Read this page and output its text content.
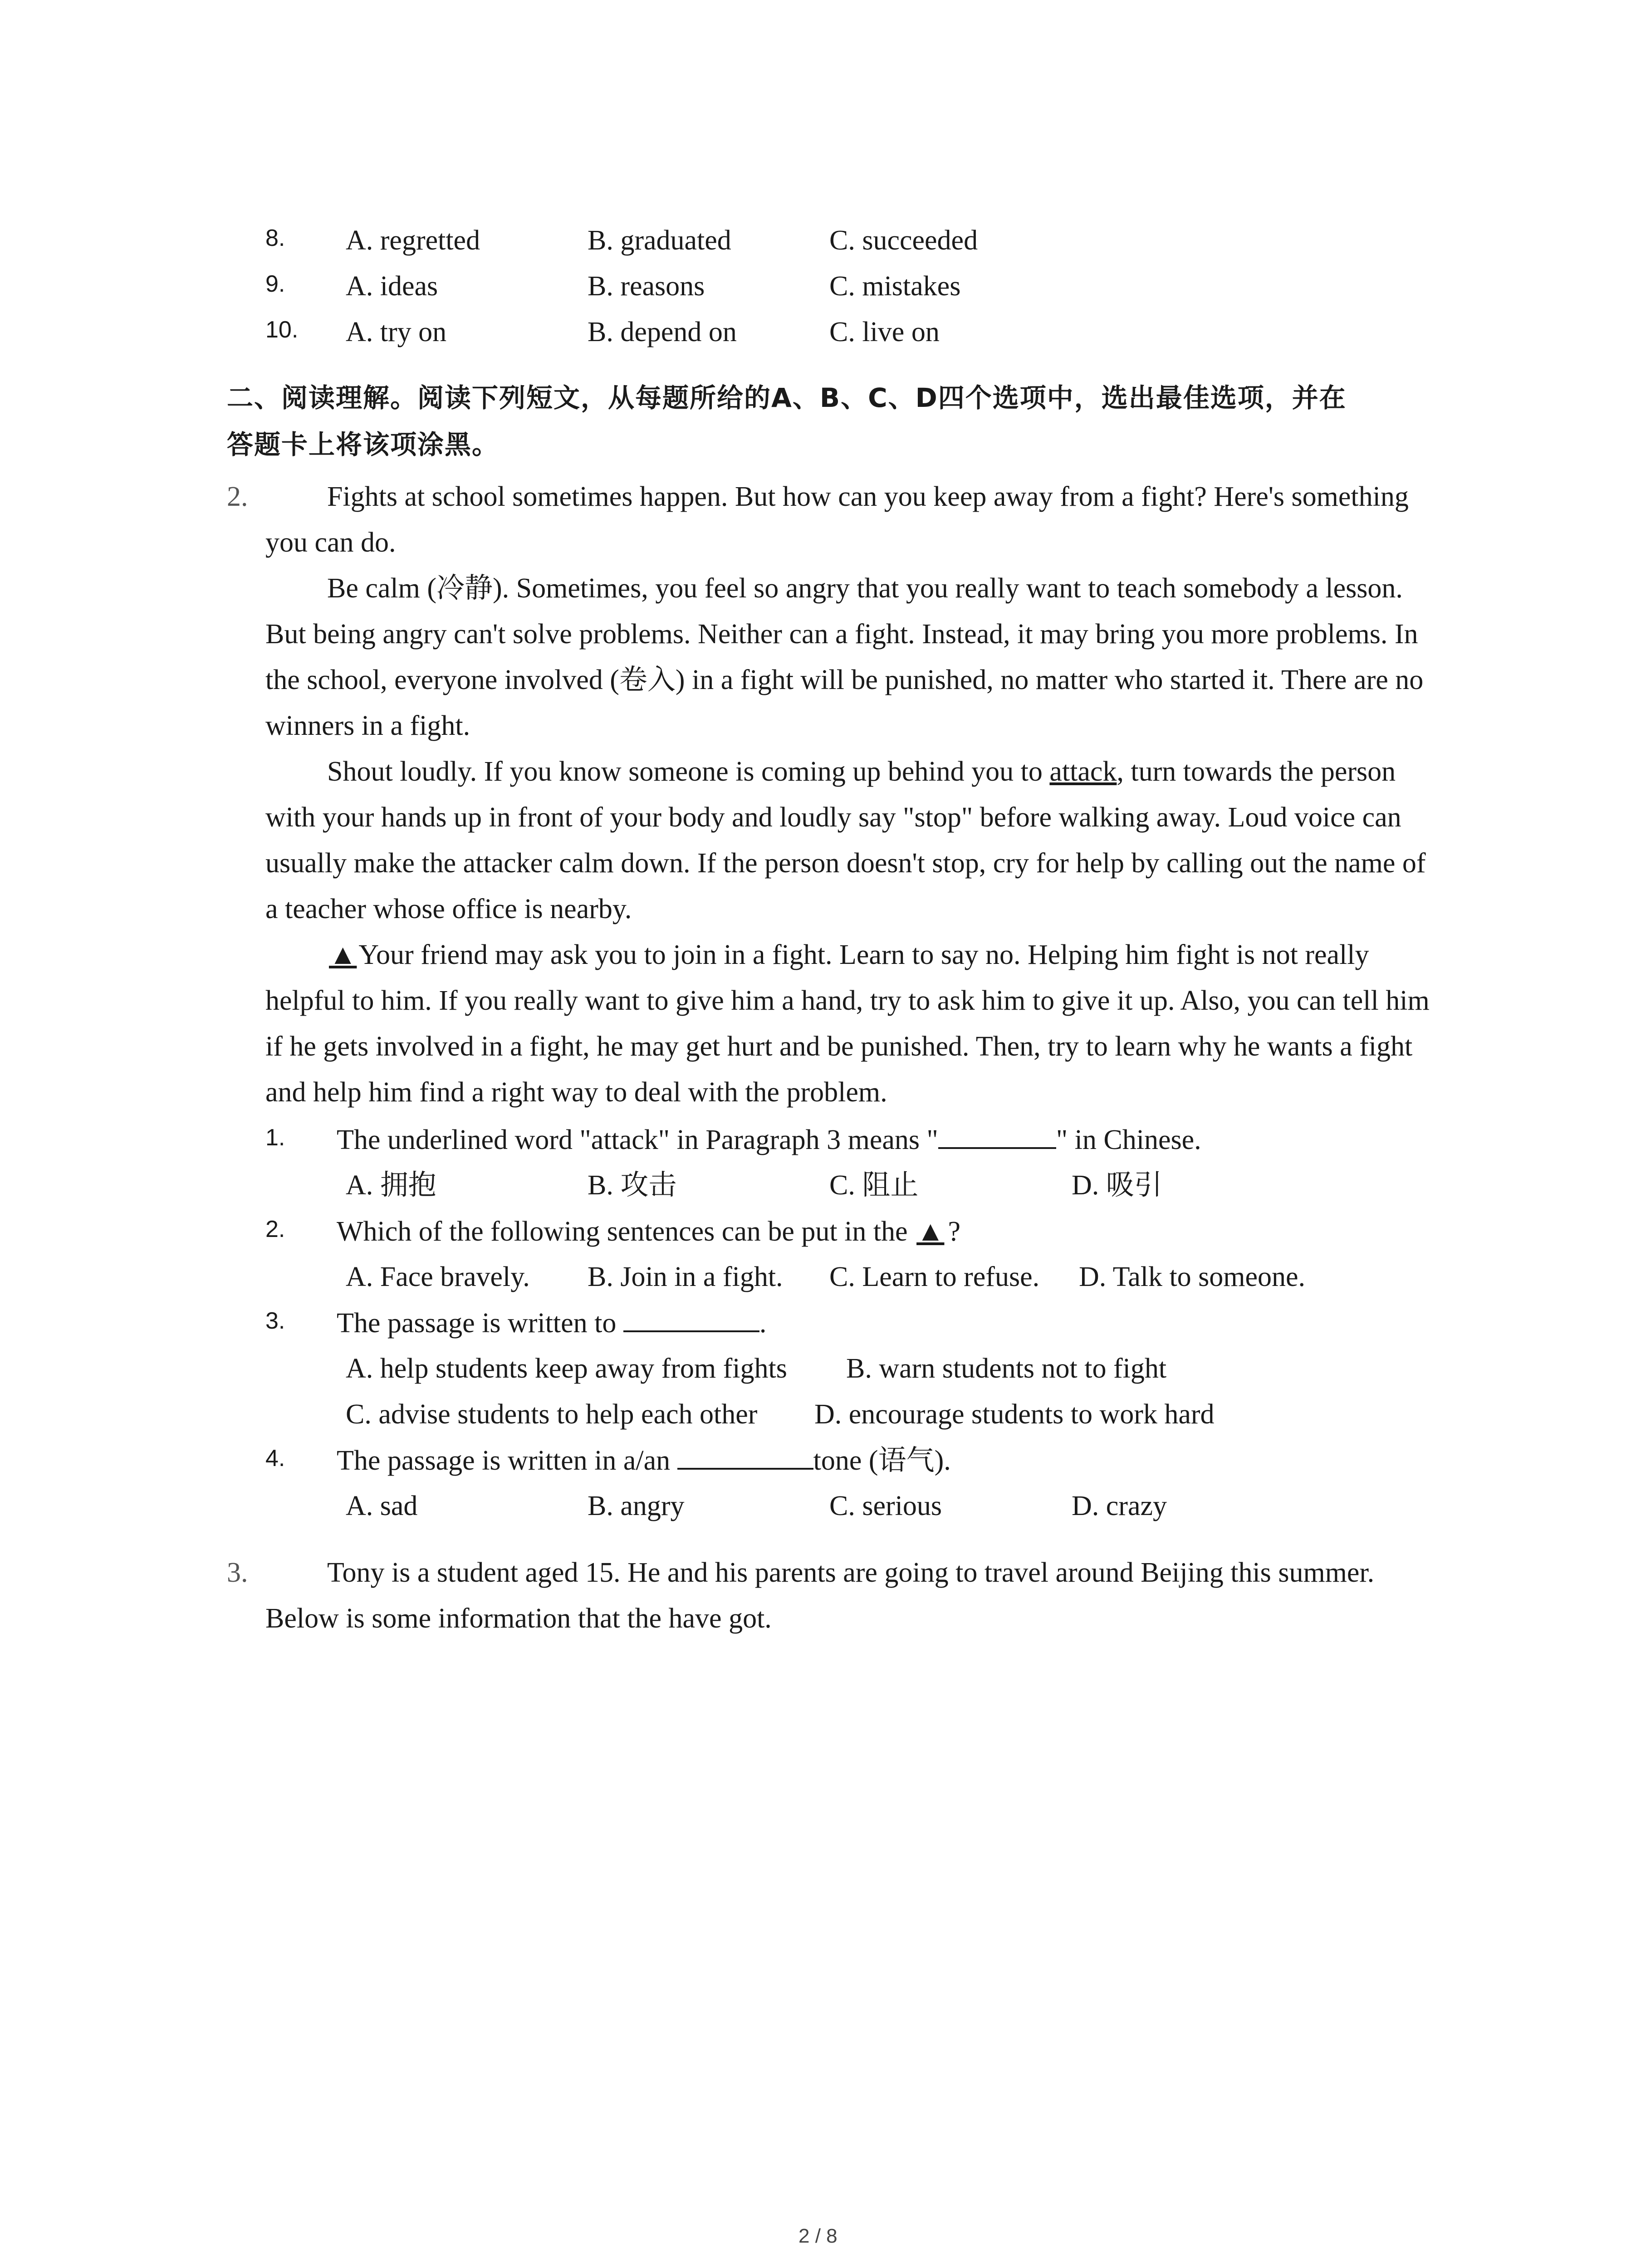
8. A. regretted	B. graduated	C. succeeded
9. A. ideas	B. reasons	C. mistakes
10. A. try on	B. depend on	C. live on
二、阅读理解。阅读下列短文，从每题所给的A、B、C、D四个选项中，选出最佳选项，并在
答题卡上将该项涂黑。
2.	Fights at school sometimes happen. But how can you keep away from a fight? Here's something you can do.
Be calm (冷静). Sometimes, you feel so angry that you really want to teach somebody a lesson. But being angry can't solve problems. Neither can a fight. Instead, it may bring you more problems. In the school, everyone involved (卷入) in a fight will be punished, no matter who started it. There are no winners in a fight.
Shout loudly. If you know someone is coming up behind you to attack, turn towards the person with your hands up in front of your body and loudly say "stop" before walking away. Loud voice can usually make the attacker calm down. If the person doesn't stop, cry for help by calling out the name of a teacher whose office is nearby.
▲Your friend may ask you to join in a fight. Learn to say no. Helping him fight is not really helpful to him. If you really want to give him a hand, try to ask him to give it up. Also, you can tell him if he gets involved in a fight, he may get hurt and be punished. Then, try to learn why he wants a fight and help him find a right way to deal with the problem.
1. The underlined word "attack" in Paragraph 3 means "	" in Chinese.
A. 拥抱	B. 攻击	C. 阻止	D. 吸引
2. Which of the following sentences can be put in the ▲ ?
A. Face bravely. B. Join in a fight. C. Learn to refuse. D. Talk to someone.
3. The passage is written to	.
A. help students keep away from fights B. warn students not to fight
C. advise students to help each other D. encourage students to work hard
4. The passage is written in a/an	tone (语气).
A. sad	B. angry	C. serious	D. crazy
3.	Tony is a student aged 15. He and his parents are going to travel around Beijing this summer. Below is some information that the have got.
2 / 8
